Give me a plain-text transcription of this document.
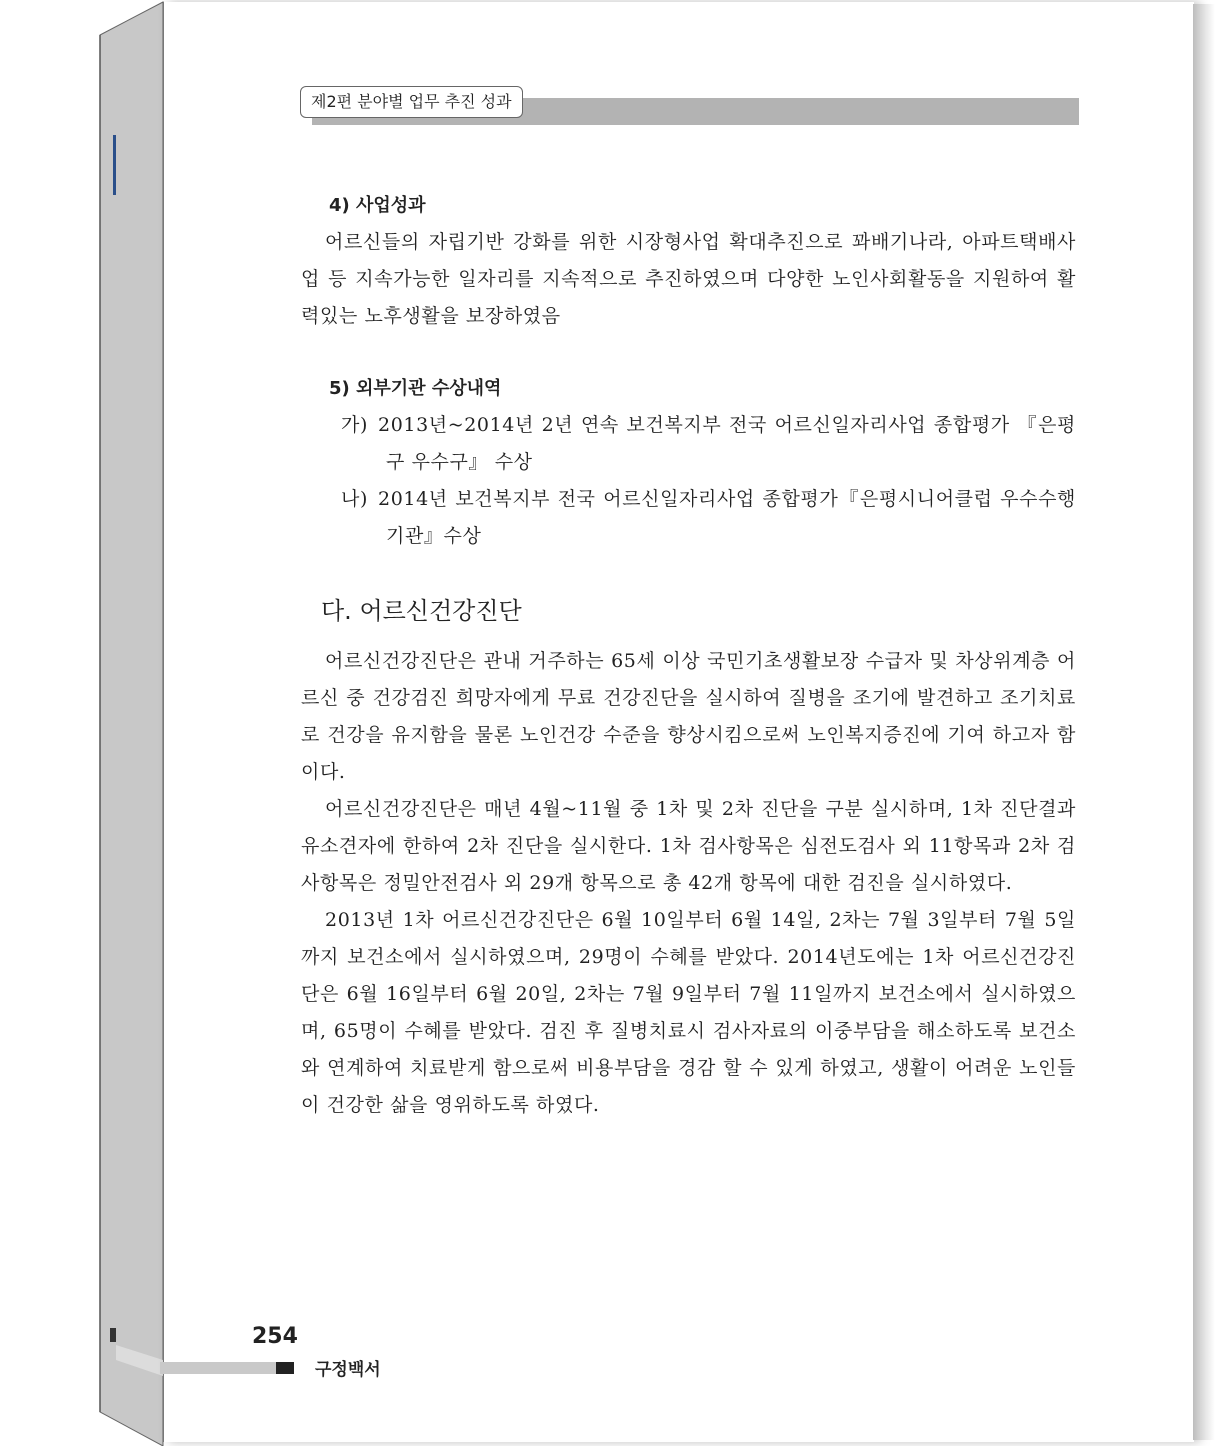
제2편 분야별 업무 추진 성과
4) 사업성과

어르신들의 자립기반 강화를 위한 시장형사업 확대추진으로 꽈배기나라, 아파트택배사업 등 지속가능한 일자리를 지속적으로 추진하였으며 다양한 노인사회활동을 지원하여 활력있는 노후생활을 보장하였음

5) 외부기관 수상내역
가) 2013년~2014년 2년 연속 보건복지부 전국 어르신일자리사업 종합평가 『은평구 우수구』 수상
나) 2014년 보건복지부 전국 어르신일자리사업 종합평가『은평시니어클럽 우수수행기관』수상
다. 어르신건강진단

어르신건강진단은 관내 거주하는 65세 이상 국민기초생활보장 수급자 및 차상위계층 어르신 중 건강검진 희망자에게 무료 건강진단을 실시하여 질병을 조기에 발견하고 조기치료로 건강을 유지함을 물론 노인건강 수준을 향상시킴으로써 노인복지증진에 기여 하고자 함이다.

어르신건강진단은 매년 4월~11월 중 1차 및 2차 진단을 구분 실시하며, 1차 진단결과 유소견자에 한하여 2차 진단을 실시한다. 1차 검사항목은 심전도검사 외 11항목과 2차 검사항목은 정밀안전검사 외 29개 항목으로 총 42개 항목에 대한 검진을 실시하였다.

2013년 1차 어르신건강진단은 6월 10일부터 6월 14일, 2차는 7월 3일부터 7월 5일까지 보건소에서 실시하였으며, 29명이 수혜를 받았다. 2014년도에는 1차 어르신건강진단은 6월 16일부터 6월 20일, 2차는 7월 9일부터 7월 11일까지 보건소에서 실시하였으며, 65명이 수혜를 받았다. 검진 후 질병치료시 검사자료의 이중부담을 해소하도록 보건소와 연계하여 치료받게 함으로써 비용부담을 경감 할 수 있게 하였고, 생활이 어려운 노인들이 건강한 삶을 영위하도록 하였다.

254
구정백서
